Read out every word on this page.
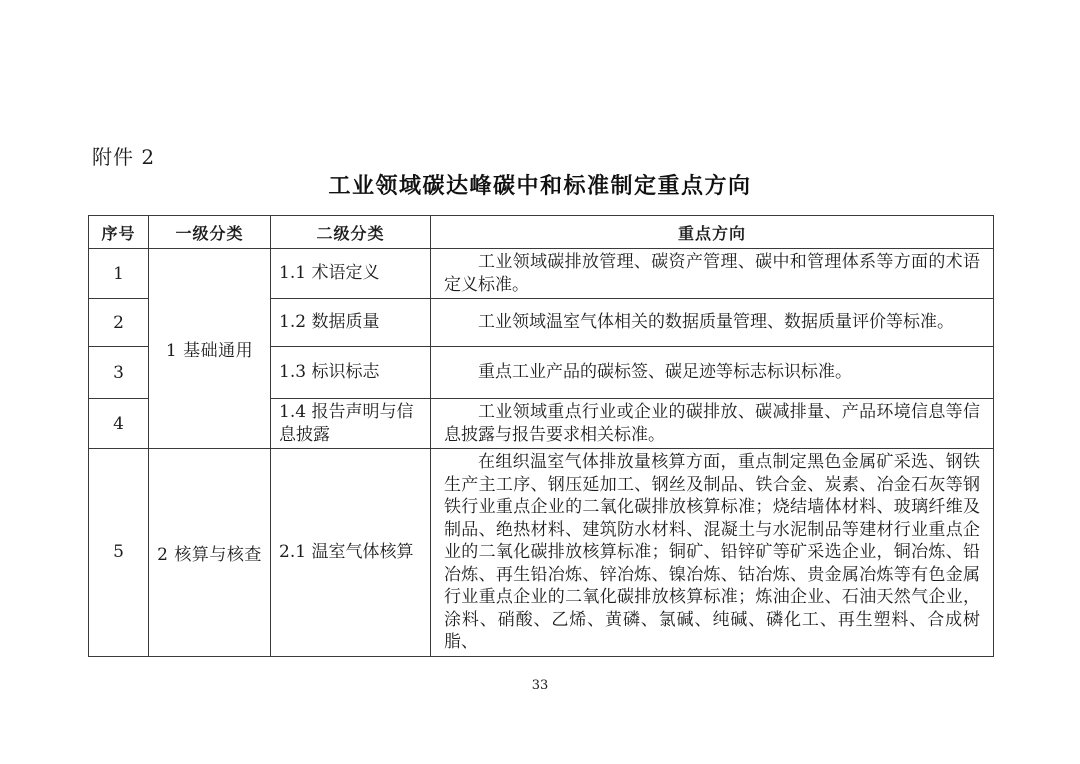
附件 2
工业领域碳达峰碳中和标准制定重点方向
序号	一级分类	二级分类	重点方向
1	1 基础通用	1.1 术语定义	工业领域碳排放管理、碳资产管理、碳中和管理体系等方面的术语定义标准。

2		1.2 数据质量	工业领域温室气体相关的数据质量管理、数据质量评价等标准。

3		1.3 标识标志	重点工业产品的碳标签、碳足迹等标志标识标准。

4		1.4 报告声明与信息披露	工业领域重点行业或企业的碳排放、碳减排量、产品环境信息等信息披露与报告要求相关标准。

5	2 核算与核查	2.1 温室气体核算	在组织温室气体排放量核算方面，重点制定黑色金属矿采选、钢铁生产主工序、钢压延加工、钢丝及制品、铁合金、炭素、冶金石灰等钢铁行业重点企业的二氧化碳排放核算标准；烧结墙体材料、玻璃纤维及制品、绝热材料、建筑防水材料、混凝土与水泥制品等建材行业重点企业的二氧化碳排放核算标准；铜矿、铅锌矿等矿采选企业，铜冶炼、铅冶炼、再生铅冶炼、锌冶炼、镍冶炼、钴冶炼、贵金属冶炼等有色金属行业重点企业的二氧化碳排放核算标准；炼油企业、石油天然气企业，涂料、硝酸、乙烯、黄磷、氯碱、纯碱、磷化工、再生塑料、合成树脂、

33
